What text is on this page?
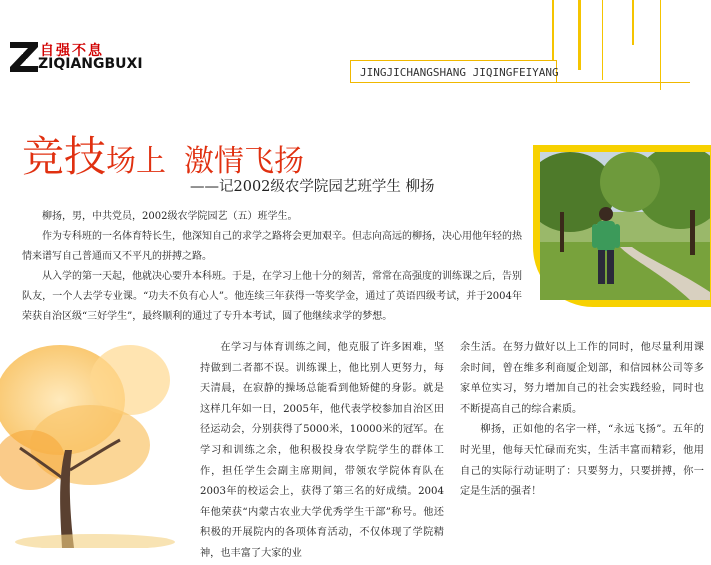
自强不息
ZIQIANGBUXI
JINGJICHANGSHANG JIQINGFEIYANG
竞技场上 激情飞扬
——记2002级农学院园艺班学生 柳扬
柳扬，男，中共党员，2002级农学院园艺（五）班学生。
作为专科班的一名体育特长生，他深知自己的求学之路将会更加艰辛。但志向高远的柳扬，决心用他年轻的热情来谱写自己普通而又不平凡的拼搏之路。
从入学的第一天起，他就决心要升本科班。于是，在学习上他十分的刻苦，常常在高强度的训练课之后，告别队友，一个人去学专业课。“功夫不负有心人”。他连续三年获得一等奖学金，通过了英语四级考试，并于2004年荣获自治区级“三好学生”，最终顺利的通过了专升本考试，圆了他继续求学的梦想。
在学习与体育训练之间，他克服了许多困难，坚持做到二者都不误。训练课上，他比别人更努力，每天清晨，在寂静的操场总能看到他矫健的身影。就是这样几年如一日，2005年，他代表学校参加自治区田径运动会，分别获得了5000米，10000米的冠军。在学习和训练之余，他积极投身农学院学生的群体工作，担任学生会副主席期间，带领农学院体育队在2003年的校运会上，获得了第三名的好成绩。2004年他荣获“内蒙古农业大学优秀学生干部”称号。他还积极的开展院内的各项体育活动，不仅体现了学院精神，也丰富了大家的业
余生活。在努力做好以上工作的同时，他尽量利用课余时间，曾在维多利商厦企划部，和信园林公司等多家单位实习，努力增加自己的社会实践经验，同时也不断提高自己的综合素质。
柳扬，正如他的名字一样，“永远飞扬”。五年的时光里，他每天忙碌而充实，生活丰富而精彩，他用自己的实际行动证明了：只要努力，只要拼搏，你一定是生活的强者！
